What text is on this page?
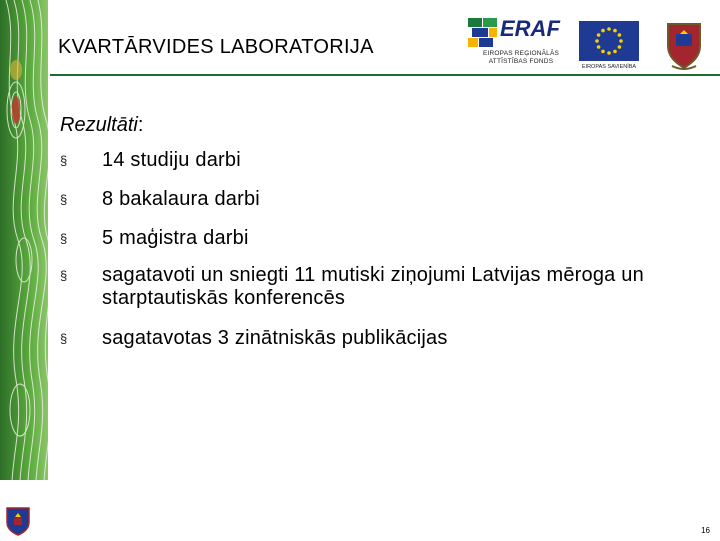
KVARTĀRVIDES LABORATORIJA
ERAF
EIROPAS REĢIONĀLĀS ATTĪSTĪBAS FONDS
EIROPAS SAVIENĪBA
Rezultāti:
§ 14 studiju darbi
§ 8 bakalaura darbi
§ 5 maģistra darbi
§ sagatavoti un sniegti 11 mutiski ziņojumi Latvijas mēroga un starptautiskās konferencēs
§ sagatavotas 3 zinātniskās publikācijas
16
